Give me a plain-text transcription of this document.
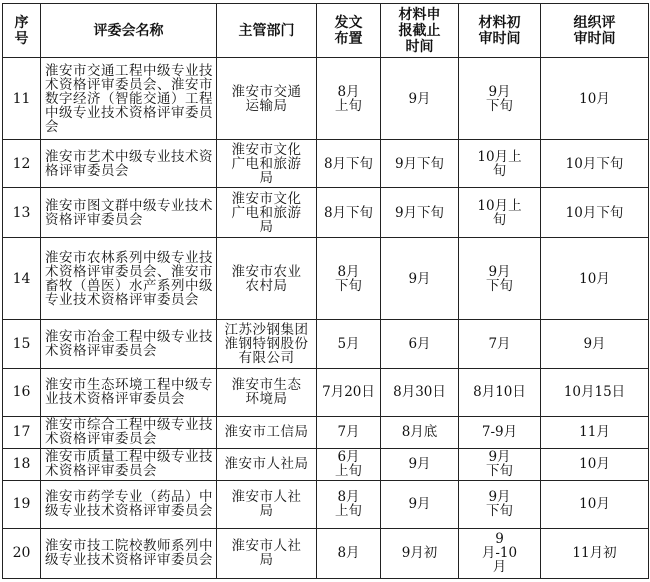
序号	评委会名称	主管部门	发文布置	材料申报截止时间	材料初审时间	组织评审时间
11	淮安市交通工程中级专业技术资格评审委员会、淮安市数字经济（智能交通）工程中级专业技术资格评审委员会	淮安市交通运输局	8月上旬	9月	9月下旬	10月
12	淮安市艺术中级专业技术资格评审委员会	淮安市文化广电和旅游局	8月下旬	9月下旬	10月上旬	10月下旬
13	淮安市图文群中级专业技术资格评审委员会	淮安市文化广电和旅游局	8月下旬	9月下旬	10月上旬	10月下旬
14	淮安市农林系列中级专业技术资格评审委员会、淮安市畜牧（兽医）水产系列中级专业技术资格评审委员会	淮安市农业农村局	8月下旬	9月	9月下旬	10月
15	淮安市冶金工程中级专业技术资格评审委员会	江苏沙钢集团淮钢特钢股份有限公司	5月	6月	7月	9月
16	淮安市生态环境工程中级专业技术资格评审委员会	淮安市生态环境局	7月20日	8月30日	8月10日	10月15日
17	淮安市综合工程中级专业技术资格评审委员会	淮安市工信局	7月	8月底	7-9月	11月
18	淮安市质量工程中级专业技术资格评审委员会	淮安市人社局	6月上旬	9月	9月下旬	10月
19	淮安市药学专业（药品）中级专业技术资格评审委员会	淮安市人社局	8月上旬	9月	9月下旬	10月
20	淮安市技工院校教师系列中级专业技术资格评审委员会	淮安市人社局	8月	9月初	9月-10月	11月初
